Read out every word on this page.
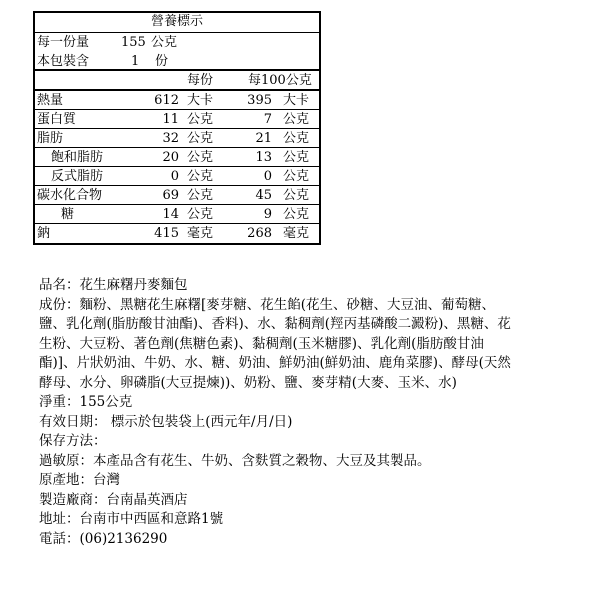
營養標示
每一份量 155 公克
本包裝含	1 份
每份	每100公克
熱量	612 大卡	395 大卡
蛋白質	11 公克	7 公克
脂肪	32 公克	21 公克
飽和脂肪	20 公克	13 公克
反式脂肪	0 公克	0 公克
碳水化合物	69 公克	45 公克
糖	14 公克	9 公克
鈉	415 毫克	268 毫克

品名：花生麻糬丹麥麵包

成份：麵粉、黑糖花生麻糬[麥芽糖、花生餡(花生、砂糖、大豆油、葡萄糖、鹽、乳化劑(脂肪酸甘油酯)、香料)、水、黏稠劑(羥丙基磷酸二澱粉)、黑糖、花生粉、大豆粉、著色劑(焦糖色素)、黏稠劑(玉米糖膠)、乳化劑(脂肪酸甘油酯)]、片狀奶油、牛奶、水、糖、奶油、鮮奶油(鮮奶油、鹿角菜膠)、酵母(天然酵母、水分、卵磷脂(大豆提煉))、奶粉、鹽、麥芽精(大麥、玉米、水)

淨重：155公克

有效日期： 標示於包裝袋上(西元年/月/日)

保存方法：

過敏原：本產品含有花生、牛奶、含麩質之穀物、大豆及其製品。

原產地：台灣

製造廠商：台南晶英酒店

地址：台南市中西區和意路1號

電話：(06)2136290
